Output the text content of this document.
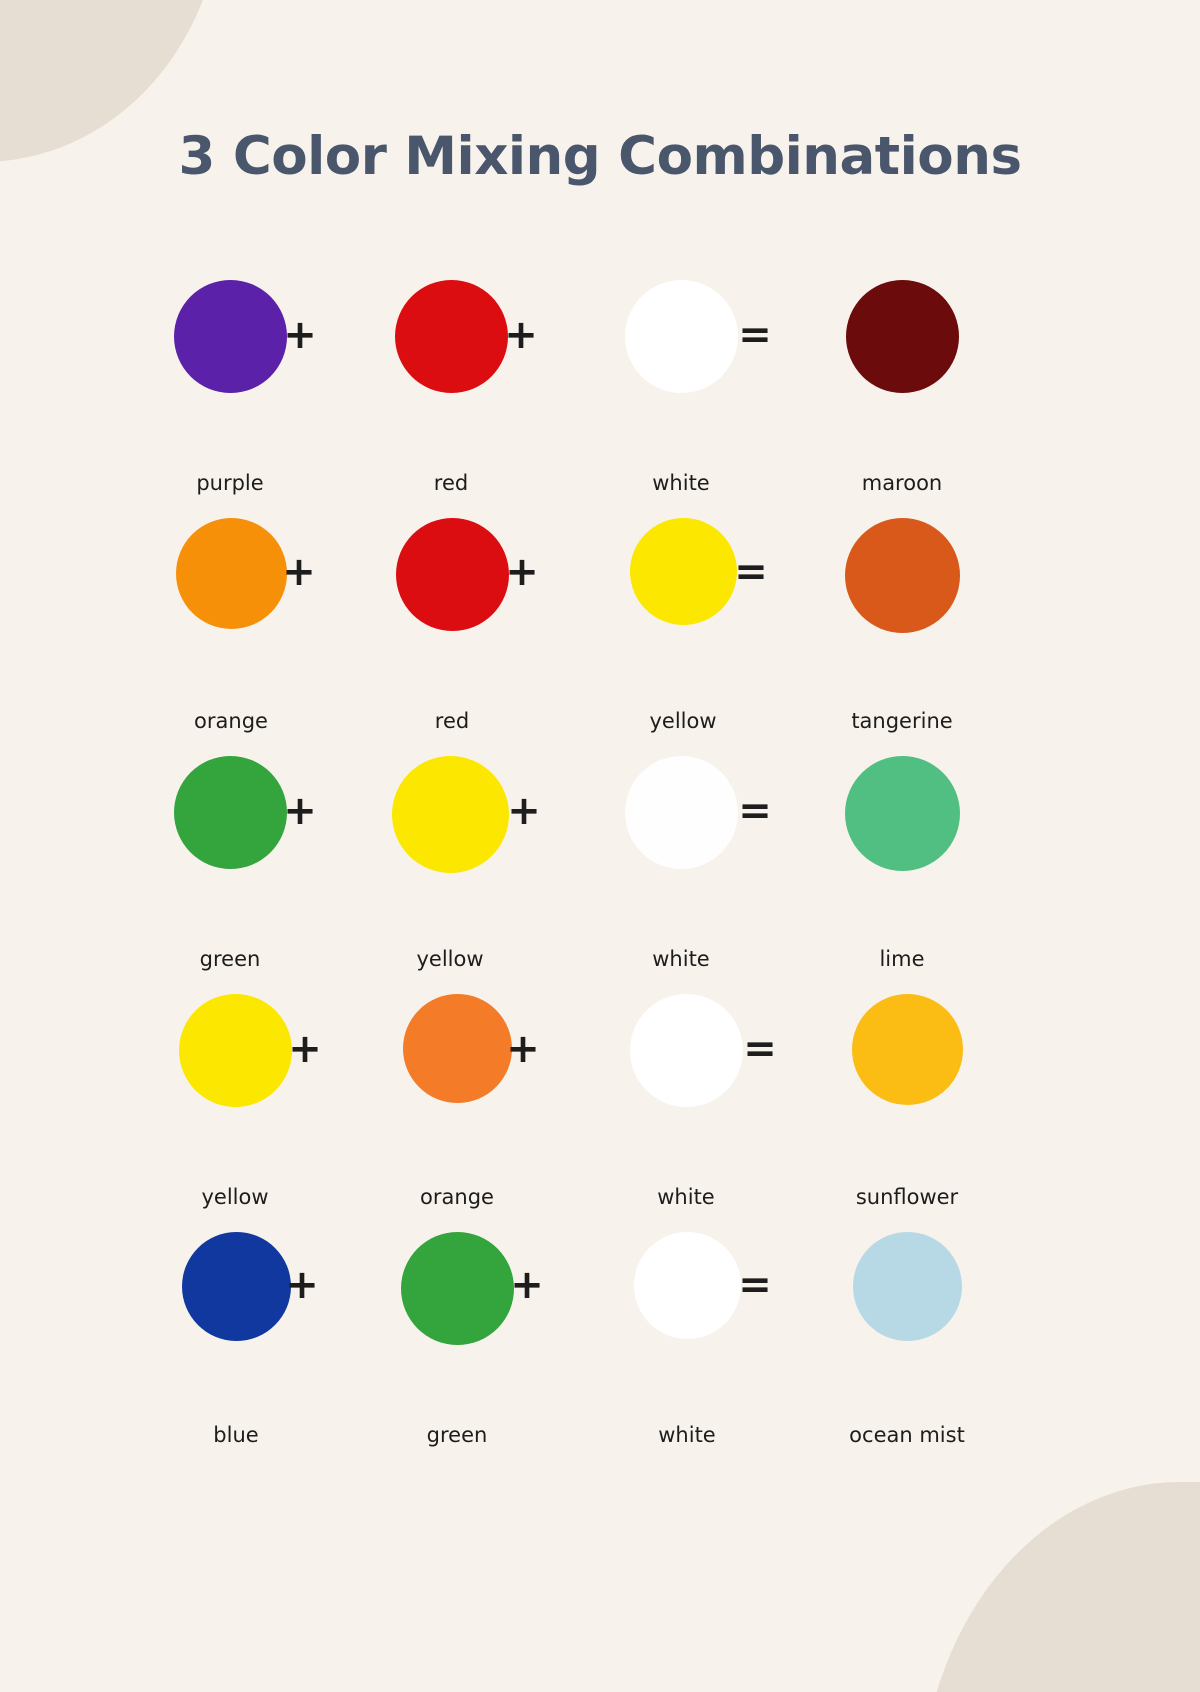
3 Color Mixing Combinations
purple	red	white	maroon
+	+	=
orange	red	yellow	tangerine
+	+	=
green	yellow	white	lime
+	+	=
yellow	orange	white	sunflower
+	+	=
blue	green	white	ocean mist
+	+	=
